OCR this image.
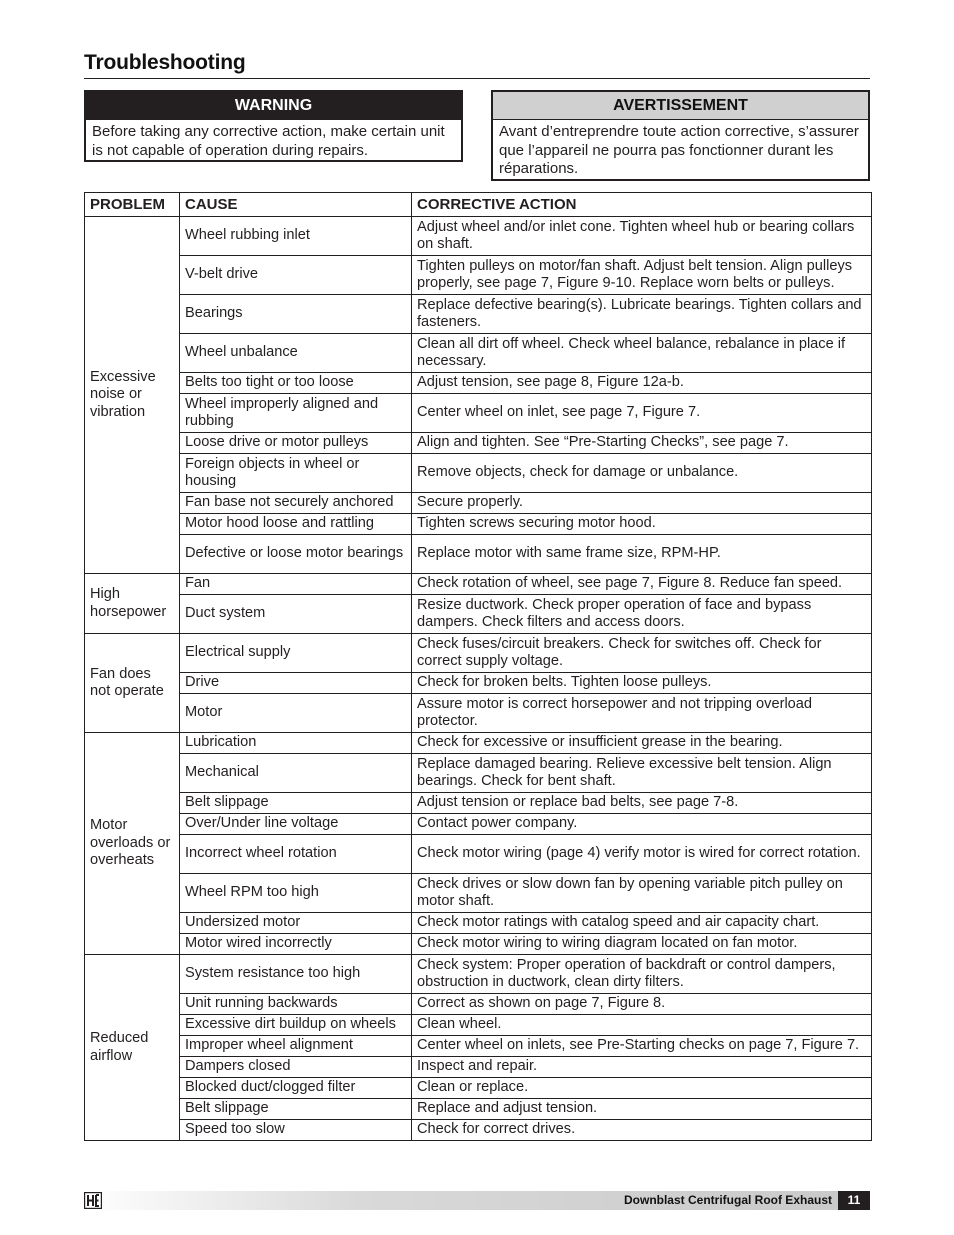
Troubleshooting
WARNING
Before taking any corrective action, make certain unit is not capable of operation during repairs.
AVERTISSEMENT
Avant d’entreprendre toute action corrective, s’assurer que l’appareil ne pourra pas fonctionner durant les réparations.
PROBLEM	CAUSE	CORRECTIVE ACTION
Excessive noise or vibration	Wheel rubbing inlet	Adjust wheel and/or inlet cone. Tighten wheel hub or bearing collars on shaft.
	V-belt drive	Tighten pulleys on motor/fan shaft. Adjust belt tension. Align pulleys properly, see page 7, Figure 9-10. Replace worn belts or pulleys.
	Bearings	Replace defective bearing(s). Lubricate bearings. Tighten collars and fasteners.
	Wheel unbalance	Clean all dirt off wheel. Check wheel balance, rebalance in place if necessary.
	Belts too tight or too loose	Adjust tension, see page 8, Figure 12a-b.
	Wheel improperly aligned and rubbing	Center wheel on inlet, see page 7, Figure 7.
	Loose drive or motor pulleys	Align and tighten. See “Pre-Starting Checks”, see page 7.
	Foreign objects in wheel or housing	Remove objects, check for damage or unbalance.
	Fan base not securely anchored	Secure properly.
	Motor hood loose and rattling	Tighten screws securing motor hood.
	Defective or loose motor bearings	Replace motor with same frame size, RPM-HP.
High horsepower	Fan	Check rotation of wheel, see page 7, Figure 8. Reduce fan speed.
	Duct system	Resize ductwork. Check proper operation of face and bypass dampers. Check filters and access doors.
Fan does not operate	Electrical supply	Check fuses/circuit breakers. Check for switches off. Check for correct supply voltage.
	Drive	Check for broken belts. Tighten loose pulleys.
	Motor	Assure motor is correct horsepower and not tripping overload protector.
Motor overloads or overheats	Lubrication	Check for excessive or insufficient grease in the bearing.
	Mechanical	Replace damaged bearing. Relieve excessive belt tension. Align bearings. Check for bent shaft.
	Belt slippage	Adjust tension or replace bad belts, see page 7-8.
	Over/Under line voltage	Contact power company.
	Incorrect wheel rotation	Check motor wiring (page 4) verify motor is wired for correct rotation.
	Wheel RPM too high	Check drives or slow down fan by opening variable pitch pulley on motor shaft.
	Undersized motor	Check motor ratings with catalog speed and air capacity chart.
	Motor wired incorrectly	Check motor wiring to wiring diagram located on fan motor.
Reduced airflow	System resistance too high	Check system: Proper operation of backdraft or control dampers, obstruction in ductwork, clean dirty filters.
	Unit running backwards	Correct as shown on page 7, Figure 8.
	Excessive dirt buildup on wheels	Clean wheel.
	Improper wheel alignment	Center wheel on inlets, see Pre-Starting checks on page 7, Figure 7.
	Dampers closed	Inspect and repair.
	Blocked duct/clogged filter	Clean or replace.
	Belt slippage	Replace and adjust tension.
	Speed too slow	Check for correct drives.
Downblast Centrifugal Roof Exhaust	11
